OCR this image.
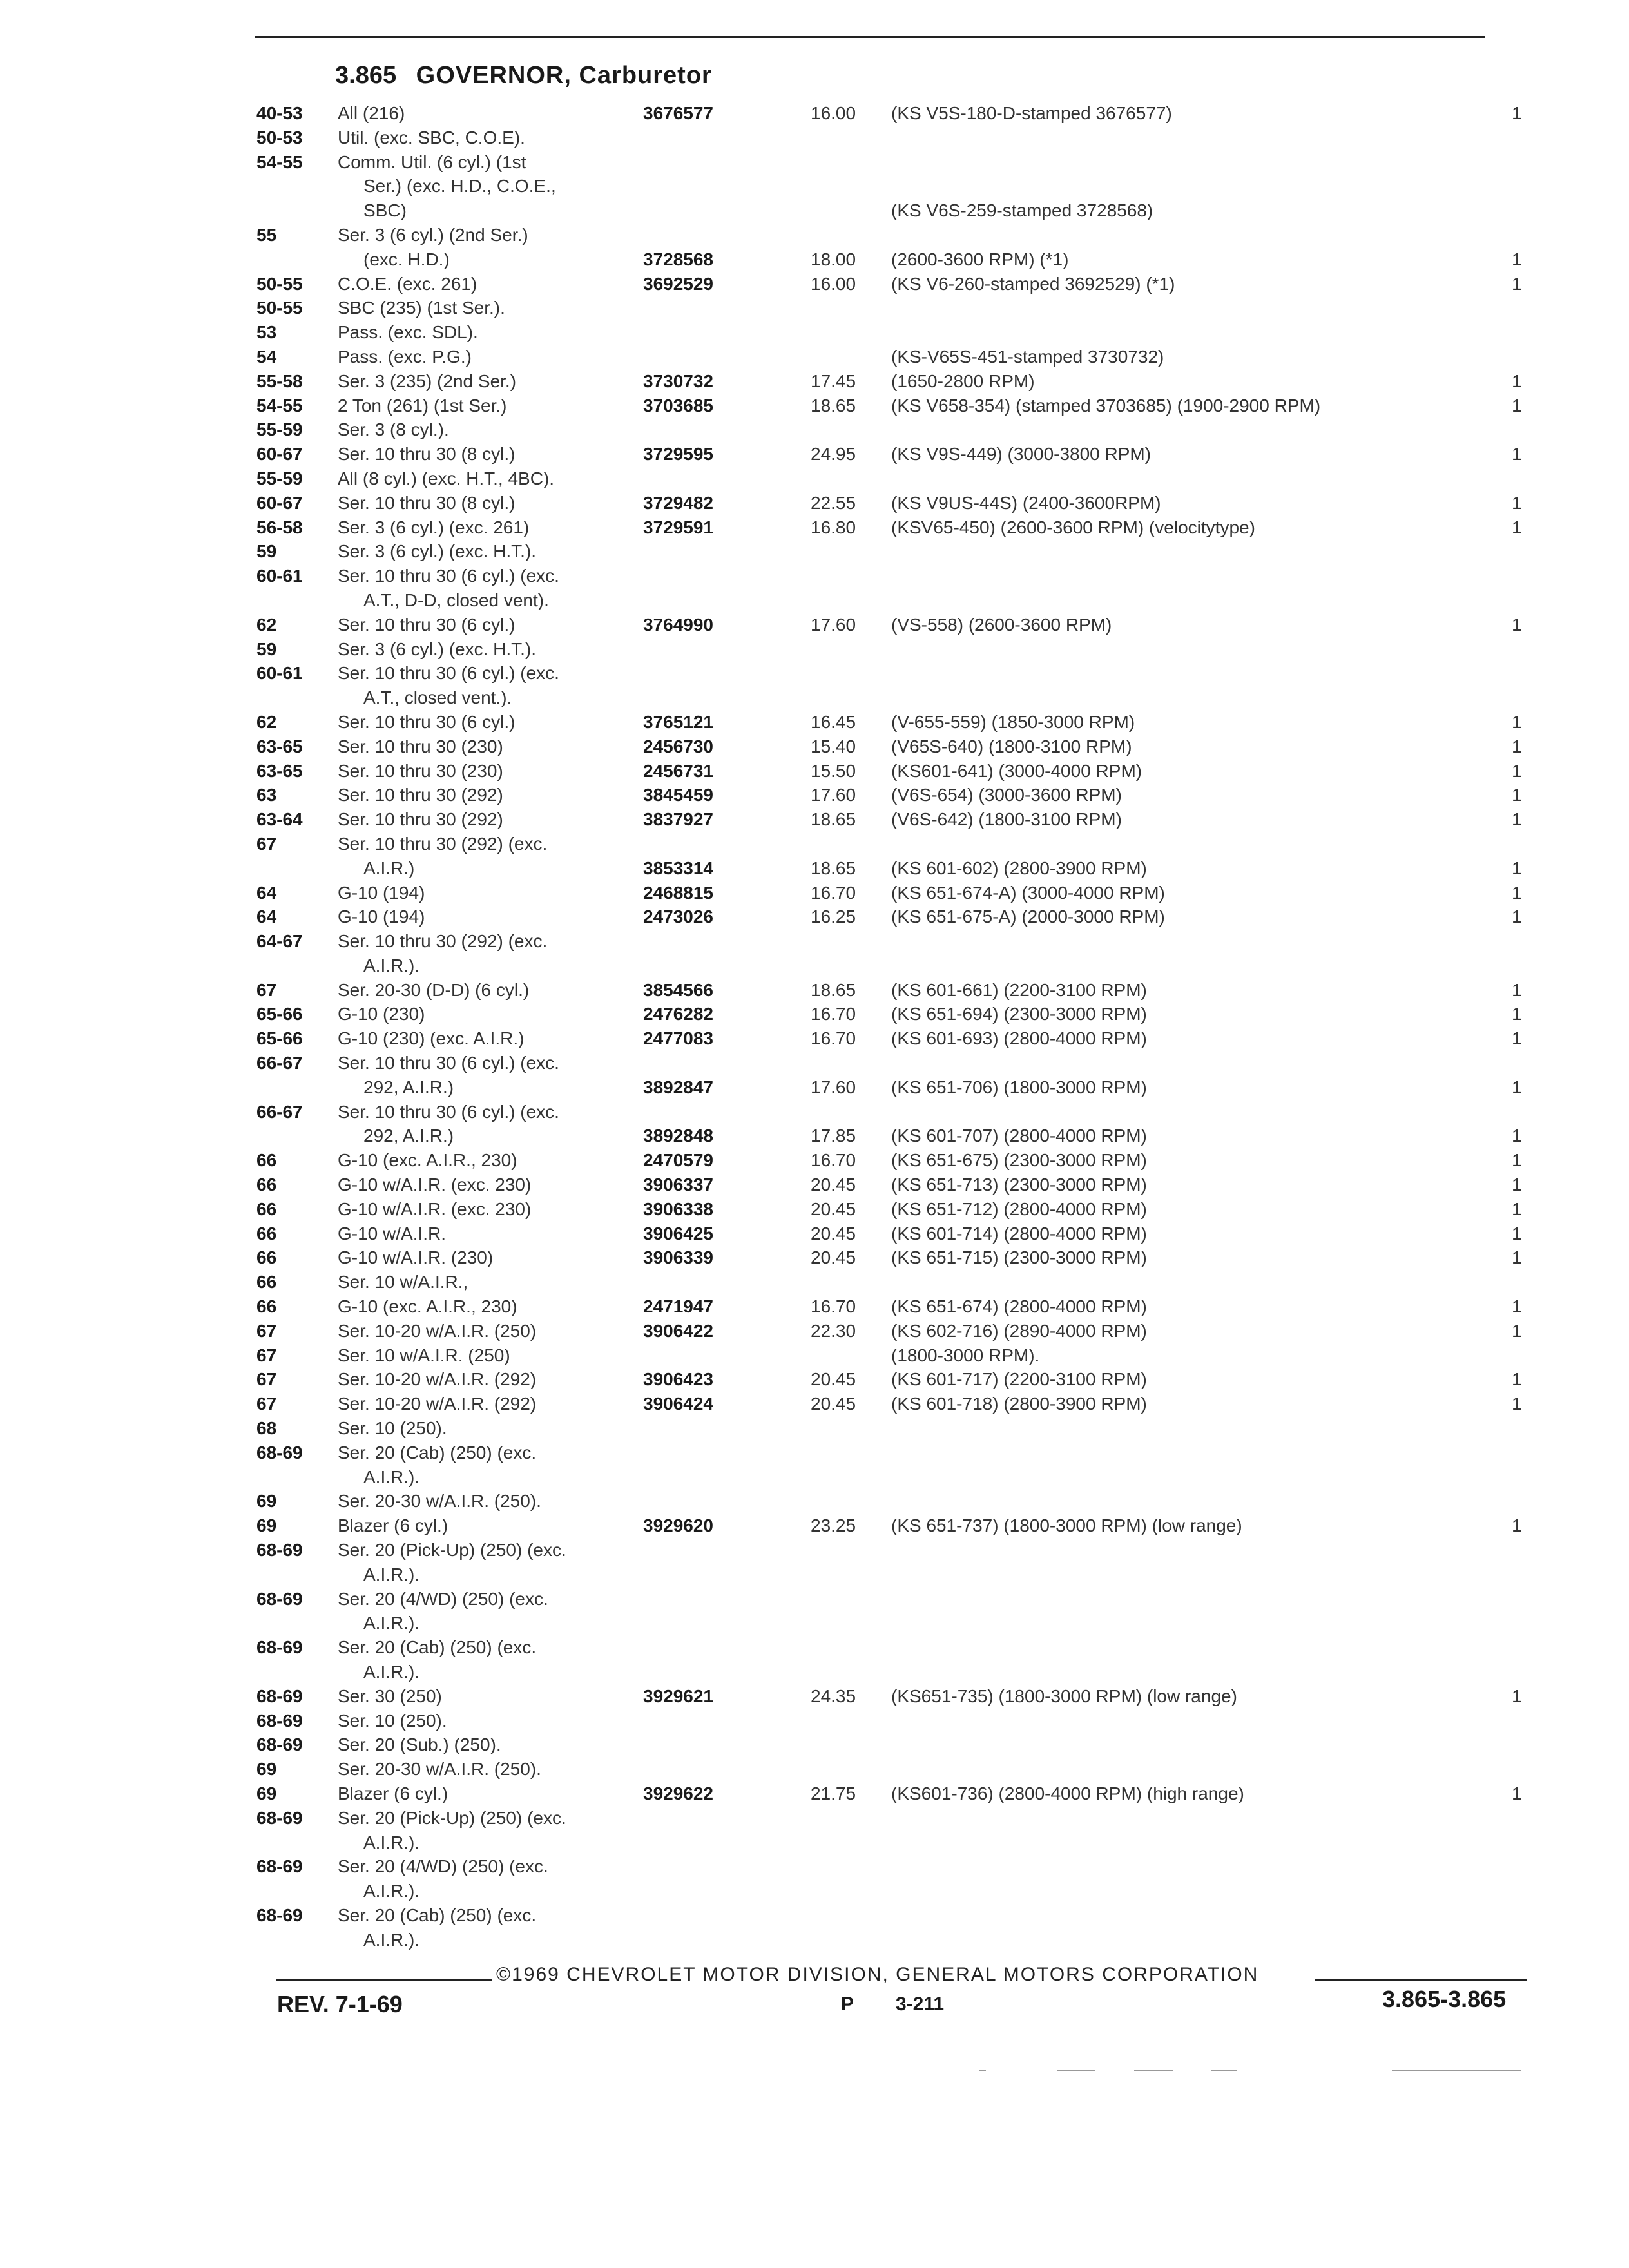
3.865 GOVERNOR, Carburetor
40-53 All (216)	3676577	16.00 (KS V5S-180-D-stamped 3676577)	1
50-53 Util. (exc. SBC, C.O.E).
54-55 Comm. Util. (6 cyl.) (1st
Ser.) (exc. H.D., C.O.E.,
SBC)	(KS V6S-259-stamped 3728568)
55	Ser. 3 (6 cyl.) (2nd Ser.)
(exc. H.D.)	3728568	18.00 (2600-3600 RPM) (*1)	1
50-55 C.O.E. (exc. 261)	3692529	16.00 (KS V6-260-stamped 3692529) (*1)	1
50-55 SBC (235) (1st Ser.).
53	Pass. (exc. SDL).
54	Pass. (exc. P.G.)	(KS-V65S-451-stamped 3730732)
55-58 Ser. 3 (235) (2nd Ser.)	3730732	17.45 (1650-2800 RPM)	1
54-55 2 Ton (261) (1st Ser.)	3703685	18.65 (KS V658-354) (stamped 3703685) (1900-2900 RPM)	1
55-59 Ser. 3 (8 cyl.).
60-67 Ser. 10 thru 30 (8 cyl.)	3729595	24.95 (KS V9S-449) (3000-3800 RPM)	1
55-59 All (8 cyl.) (exc. H.T., 4BC).
60-67 Ser. 10 thru 30 (8 cyl.)	3729482	22.55 (KS V9US-44S) (2400-3600RPM)	1
56-58 Ser. 3 (6 cyl.) (exc. 261)	3729591	16.80 (KSV65-450) (2600-3600 RPM) (velocitytype)	1
59	Ser. 3 (6 cyl.) (exc. H.T.).
60-61 Ser. 10 thru 30 (6 cyl.) (exc.
A.T., D-D, closed vent).
62	Ser. 10 thru 30 (6 cyl.)	3764990	17.60 (VS-558) (2600-3600 RPM)	1
59	Ser. 3 (6 cyl.) (exc. H.T.).
60-61 Ser. 10 thru 30 (6 cyl.) (exc.
A.T., closed vent.).
62	Ser. 10 thru 30 (6 cyl.)	3765121	16.45 (V-655-559) (1850-3000 RPM)	1
63-65 Ser. 10 thru 30 (230)	2456730	15.40 (V65S-640) (1800-3100 RPM)	1
63-65 Ser. 10 thru 30 (230)	2456731	15.50 (KS601-641) (3000-4000 RPM)	1
63	Ser. 10 thru 30 (292)	3845459	17.60 (V6S-654) (3000-3600 RPM)	1
63-64 Ser. 10 thru 30 (292)	3837927	18.65 (V6S-642) (1800-3100 RPM)	1
67	Ser. 10 thru 30 (292) (exc.
A.I.R.)	3853314	18.65 (KS 601-602) (2800-3900 RPM)	1
64	G-10 (194)	2468815	16.70 (KS 651-674-A) (3000-4000 RPM)	1
64	G-10 (194)	2473026	16.25 (KS 651-675-A) (2000-3000 RPM)	1
64-67 Ser. 10 thru 30 (292) (exc.
A.I.R.).
67	Ser. 20-30 (D-D) (6 cyl.)	3854566	18.65 (KS 601-661) (2200-3100 RPM)	1
65-66 G-10 (230)	2476282	16.70 (KS 651-694) (2300-3000 RPM)	1
65-66 G-10 (230) (exc. A.I.R.)	2477083	16.70 (KS 601-693) (2800-4000 RPM)	1
66-67 Ser. 10 thru 30 (6 cyl.) (exc.
292, A.I.R.)	3892847	17.60 (KS 651-706) (1800-3000 RPM)	1
66-67 Ser. 10 thru 30 (6 cyl.) (exc.
292, A.I.R.)	3892848	17.85 (KS 601-707) (2800-4000 RPM)	1
66	G-10 (exc. A.I.R., 230)	2470579	16.70 (KS 651-675) (2300-3000 RPM)	1
66	G-10 w/A.I.R. (exc. 230)	3906337	20.45 (KS 651-713) (2300-3000 RPM)	1
66	G-10 w/A.I.R. (exc. 230)	3906338	20.45 (KS 651-712) (2800-4000 RPM)	1
66	G-10 w/A.I.R.	3906425	20.45 (KS 601-714) (2800-4000 RPM)	1
66	G-10 w/A.I.R. (230)	3906339	20.45 (KS 651-715) (2300-3000 RPM)	1
66	Ser. 10 w/A.I.R.,
66	G-10 (exc. A.I.R., 230)	2471947	16.70 (KS 651-674) (2800-4000 RPM)	1
67	Ser. 10-20 w/A.I.R. (250)	3906422	22.30 (KS 602-716) (2890-4000 RPM)	1
67	Ser. 10 w/A.I.R. (250)	(1800-3000 RPM).
67	Ser. 10-20 w/A.I.R. (292)	3906423	20.45 (KS 601-717) (2200-3100 RPM)	1
67	Ser. 10-20 w/A.I.R. (292)	3906424	20.45 (KS 601-718) (2800-3900 RPM)	1
68	Ser. 10 (250).
68-69 Ser. 20 (Cab) (250) (exc.
A.I.R.).
69	Ser. 20-30 w/A.I.R. (250).
69	Blazer (6 cyl.)	3929620	23.25 (KS 651-737) (1800-3000 RPM) (low range)	1
68-69 Ser. 20 (Pick-Up) (250) (exc.
A.I.R.).
68-69 Ser. 20 (4/WD) (250) (exc.
A.I.R.).
68-69 Ser. 20 (Cab) (250) (exc.
A.I.R.).
68-69 Ser. 30 (250)	3929621	24.35 (KS651-735) (1800-3000 RPM) (low range)	1
68-69 Ser. 10 (250).
68-69 Ser. 20 (Sub.) (250).
69	Ser. 20-30 w/A.I.R. (250).
69	Blazer (6 cyl.)	3929622	21.75 (KS601-736) (2800-4000 RPM) (high range)	1
68-69 Ser. 20 (Pick-Up) (250) (exc.
A.I.R.).
68-69 Ser. 20 (4/WD) (250) (exc.
A.I.R.).
68-69 Ser. 20 (Cab) (250) (exc.
A.I.R.).
©1969 CHEVROLET MOTOR DIVISION, GENERAL MOTORS CORPORATION
REV. 7-1-69	P 3-211	3.865-3.865
